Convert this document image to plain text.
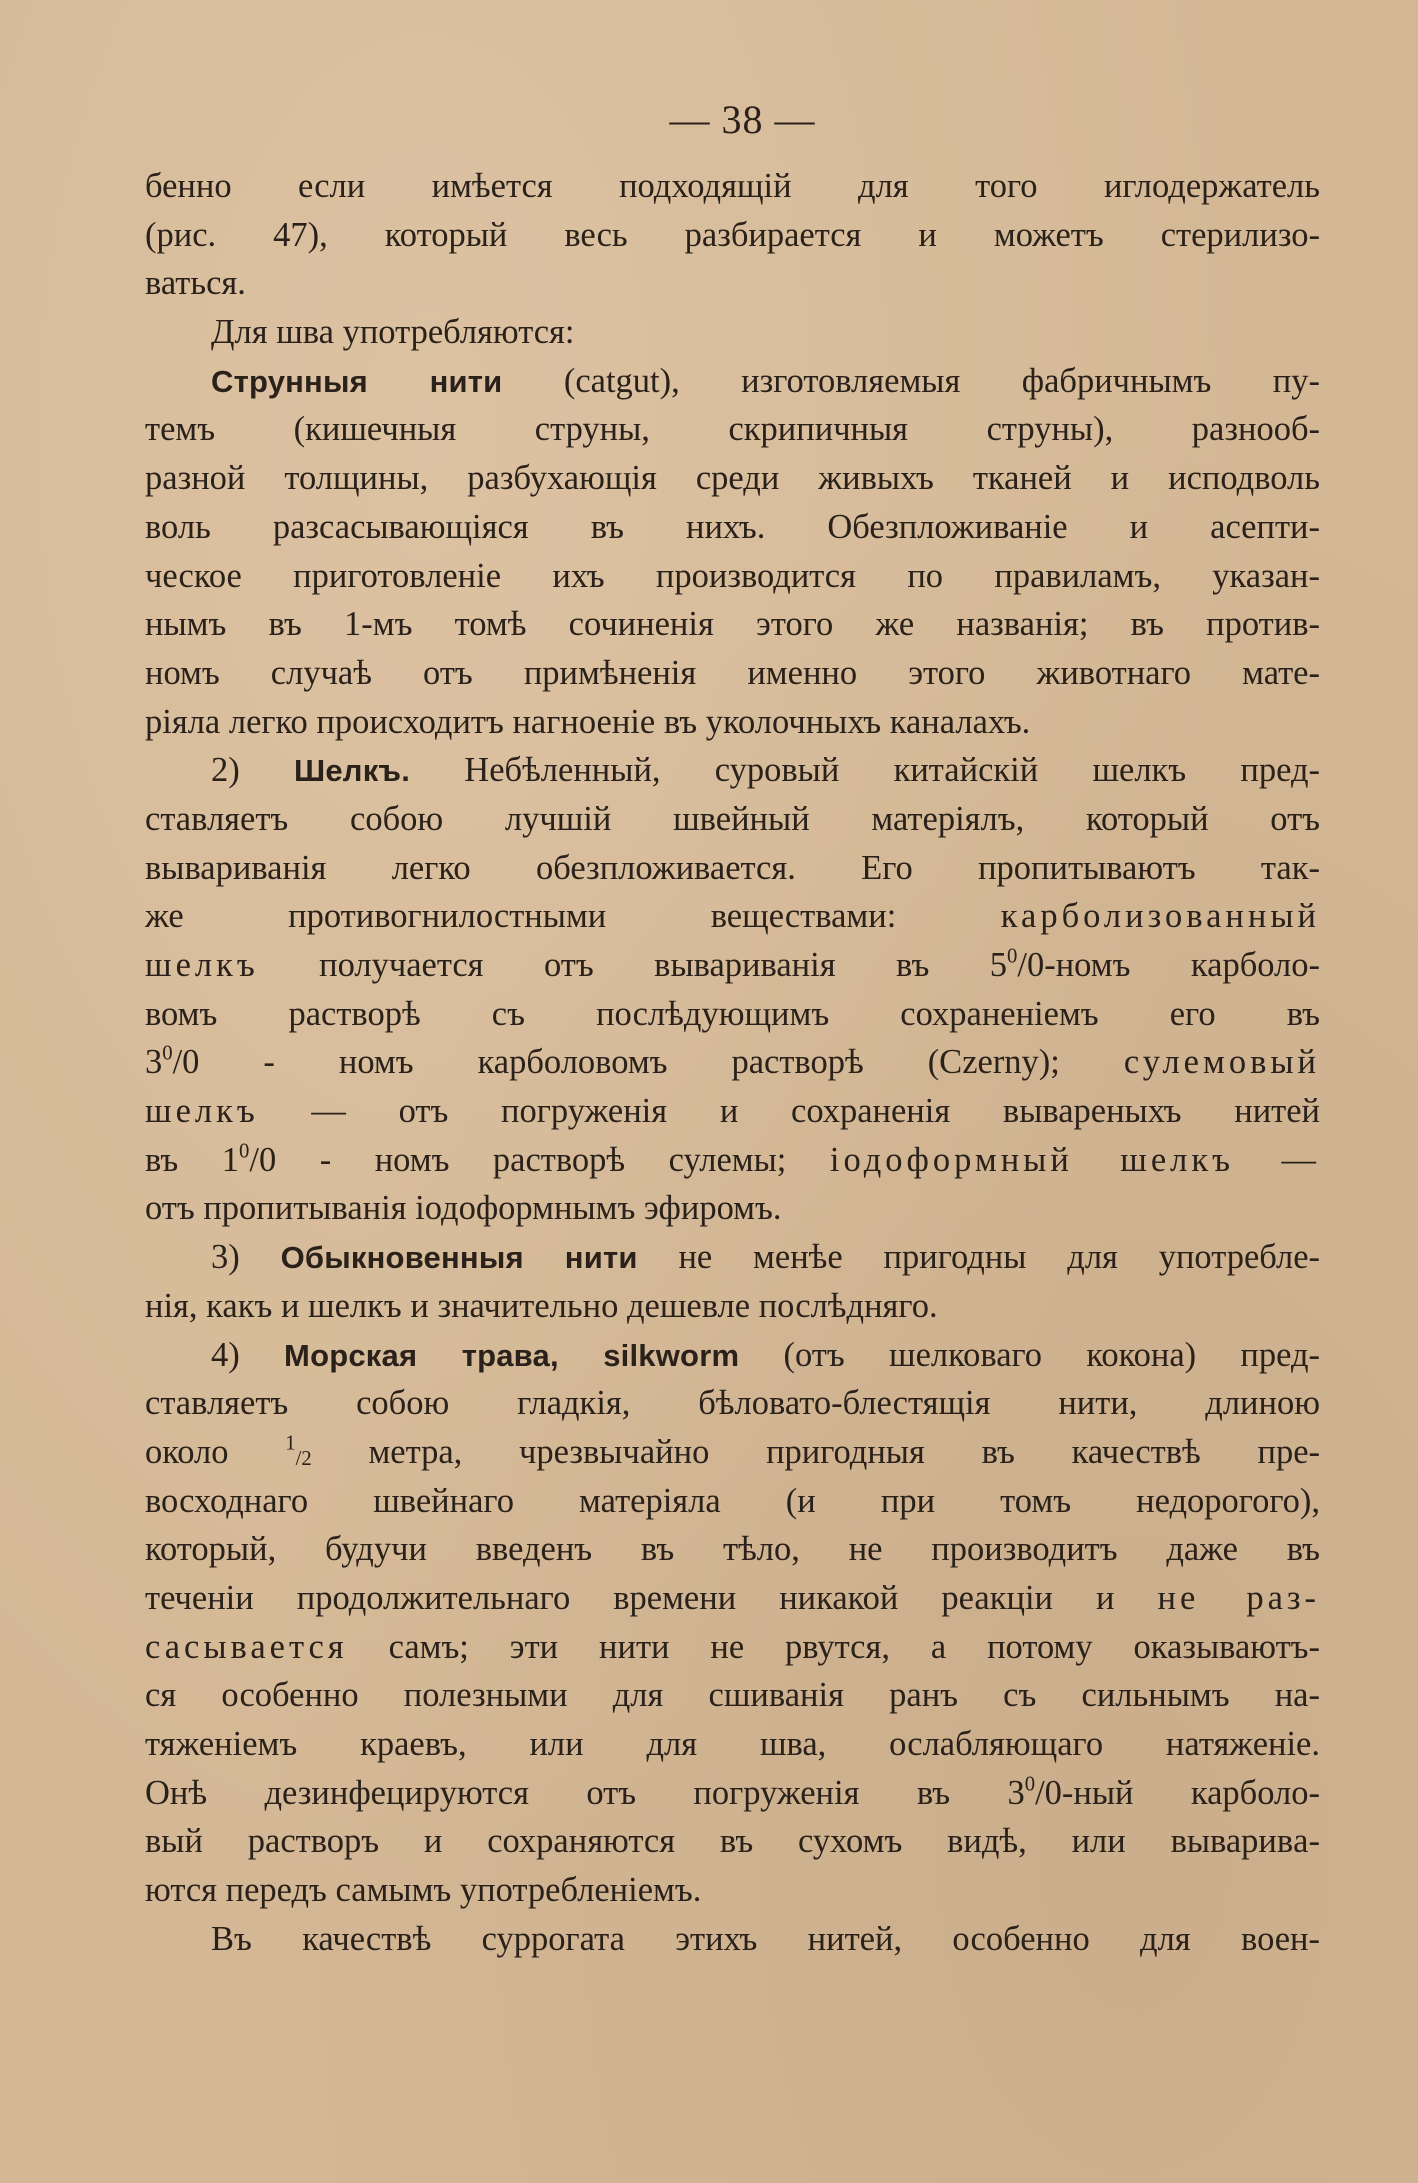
— 38 —
бенно если имѣется подходящій для того иглодержатель
(рис. 47), который весь разбирается и можетъ стерилизо-
ваться.
Для шва употребляются:
Струнныя нити (catgut), изготовляемыя фабричнымъ пу-
темъ (кишечныя струны, скрипичныя струны), разнооб-
разной толщины, разбухающія среди живыхъ тканей и исподволь
воль разсасывающіяся въ нихъ. Обезпложиваніе и асепти-
ческое приготовленіе ихъ производится по правиламъ, указан-
нымъ въ 1-мъ томѣ сочиненія этого же названія; въ против-
номъ случаѣ отъ примѣненія именно этого животнаго мате-
ріяла легко происходитъ нагноеніе въ уколочныхъ каналахъ.
2) Шелкъ. Небѣленный, суровый китайскій шелкъ пред-
ставляетъ собою лучшій швейный матеріялъ, который отъ
вывариванія легко обезпложивается. Его пропитываютъ так-
же противогнилостными веществами:	карболизованный
шелкъ получается отъ вывариванія въ $5^0/0$-номъ карболо-
вомъ растворѣ съ послѣдующимъ сохраненіемъ его въ
$3^0/0$ - номъ карболовомъ растворѣ (Czerny); сулемовый
шелкъ — отъ погруженія и сохраненія вывареныхъ нитей
въ $1^0/0$ - номъ растворѣ сулемы; іодоформный шелкъ —
отъ пропитыванія іодоформнымъ эфиромъ.
3) Обыкновенныя нити не менѣе пригодны для употребле-
нія, какъ и шелкъ и значительно дешевле послѣдняго.
4) Морская трава, silkworm (отъ шелковаго кокона) пред-
ставляетъ собою гладкія, бѣловато-блестящія нити, длиною
около $^1_{/2}$ метра, чрезвычайно пригодныя въ качествѣ пре-
восходнаго швейнаго матеріяла (и при томъ недорогого),
который, будучи введенъ въ тѣло, не производитъ даже въ
теченіи продолжительнаго времени никакой реакціи и не раз-
сасывается самъ; эти нити не рвутся, а потому оказываютъ-
ся особенно полезными для сшиванія ранъ съ сильнымъ на-
тяженіемъ краевъ, или для шва, ослабляющаго натяженіе.
Онѣ дезинфецируются отъ погруженія въ $3^0/0$-ный карболо-
вый растворъ и сохраняются въ сухомъ видѣ, или вываривa-
ются передъ самымъ употребленіемъ.
Въ качествѣ суррогата этихъ нитей, особенно для воен-
